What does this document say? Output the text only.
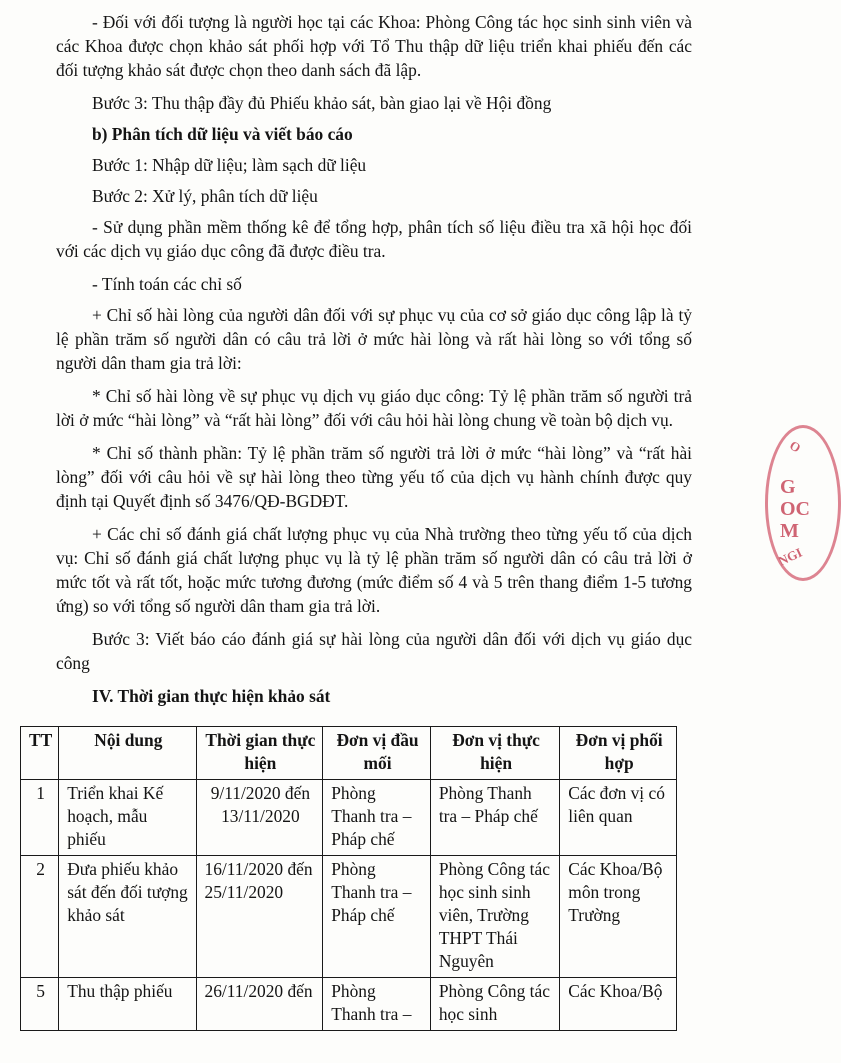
- Đối với đối tượng là người học tại các Khoa: Phòng Công tác học sinh sinh viên và các Khoa được chọn khảo sát phối hợp với Tổ Thu thập dữ liệu triển khai phiếu đến các đối tượng khảo sát được chọn theo danh sách đã lập.

Bước 3: Thu thập đầy đủ Phiếu khảo sát, bàn giao lại về Hội đồng

b) Phân tích dữ liệu và viết báo cáo

Bước 1: Nhập dữ liệu; làm sạch dữ liệu

Bước 2: Xử lý, phân tích dữ liệu

- Sử dụng phần mềm thống kê để tổng hợp, phân tích số liệu điều tra xã hội học đối với các dịch vụ giáo dục công đã được điều tra.

- Tính toán các chỉ số

+ Chỉ số hài lòng của người dân đối với sự phục vụ của cơ sở giáo dục công lập là tỷ lệ phần trăm số người dân có câu trả lời ở mức hài lòng và rất hài lòng so với tổng số người dân tham gia trả lời:

* Chỉ số hài lòng về sự phục vụ dịch vụ giáo dục công: Tỷ lệ phần trăm số người trả lời ở mức “hài lòng” và “rất hài lòng” đối với câu hỏi hài lòng chung về toàn bộ dịch vụ.

* Chỉ số thành phần: Tỷ lệ phần trăm số người trả lời ở mức “hài lòng” và “rất hài lòng” đối với câu hỏi về sự hài lòng theo từng yếu tố của dịch vụ hành chính được quy định tại Quyết định số 3476/QĐ-BGDĐT.

+ Các chỉ số đánh giá chất lượng phục vụ của Nhà trường theo từng yếu tố của dịch vụ: Chỉ số đánh giá chất lượng phục vụ là tỷ lệ phần trăm số người dân có câu trả lời ở mức tốt và rất tốt, hoặc mức tương đương (mức điểm số 4 và 5 trên thang điểm 1-5 tương ứng) so với tổng số người dân tham gia trả lời.

Bước 3: Viết báo cáo đánh giá sự hài lòng của người dân đối với dịch vụ giáo dục công

IV. Thời gian thực hiện khảo sát

TT	Nội dung	Thời gian thực hiện	Đơn vị đầu mối	Đơn vị thực hiện	Đơn vị phối hợp
1	Triển khai Kế hoạch, mẫu phiếu	9/11/2020 đến 13/11/2020	Phòng Thanh tra – Pháp chế	Phòng Thanh tra – Pháp chế	Các đơn vị có liên quan
2	Đưa phiếu khảo sát đến đối tượng khảo sát	16/11/2020 đến 25/11/2020	Phòng Thanh tra – Pháp chế	Phòng Công tác học sinh sinh viên, Trường THPT Thái Nguyên	Các Khoa/Bộ môn trong Trường
5	Thu thập phiếu	26/11/2020 đến	Phòng Thanh tra –	Phòng Công tác học sinh	Các Khoa/Bộ
O
G
OC
M
NGI
